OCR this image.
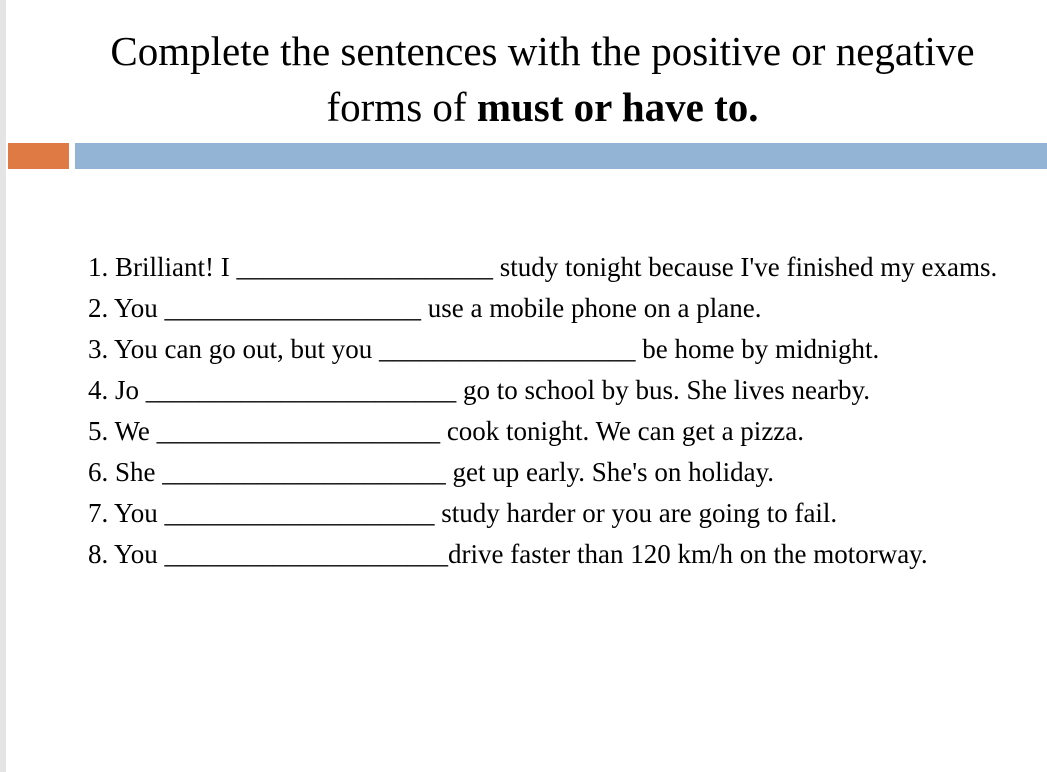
Complete the sentences with the positive or negative forms of must or have to.
1. Brilliant! I ___________________ study tonight because I've finished my exams.
2. You ___________________ use a mobile phone on a plane.
3. You can go out, but you ___________________ be home by midnight.
4. Jo _______________________ go to school by bus. She lives nearby.
5. We _____________________ cook tonight. We can get a pizza.
6. She _____________________ get up early. She's on holiday.
7. You ____________________ study harder or you are going to fail.
8. You _____________________drive faster than 120 km/h on the motorway.
